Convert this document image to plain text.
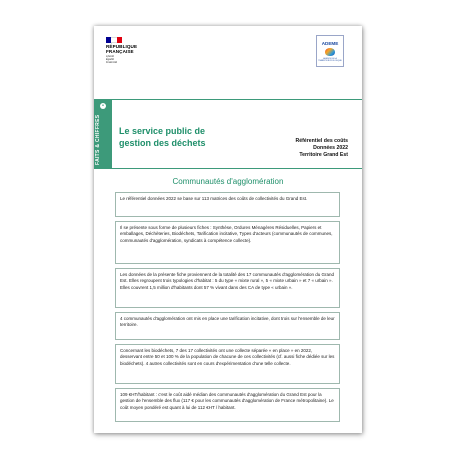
RÉPUBLIQUE
FRANÇAISE
Liberté
Égalité
Fraternité
ADEME
AGENCE DE LA TRANSITION ÉCOLOGIQUE
•
FAITS & CHIFFRES Le service public de gestion des déchets	Référentiel des coûts
Données 2022
Territoire Grand Est
Communautés d'agglomération
Le référentiel données 2022 se base sur 113 matrices des coûts de collectivités du Grand Est.
Il se présente sous forme de plusieurs fiches : Synthèse, Ordures Ménagères Résiduelles, Papiers et emballages, Déchèteries, Biodéchets, Tarification incitative, Types d'acteurs (communautés de communes, communautés d'agglomération, syndicats à compétence collecte).
Les données de la présente fiche proviennent de la totalité des 17 communautés d'agglomération du Grand Est. Elles regroupent trois typologies d'habitat : 5 du type « mixte rural », 5 « mixte urbain » et 7 « urbain ». Elles couvrent 1,5 million d'habitants dont 57 % vivant dans des CA de type « urbain ».
4 communautés d'agglomération ont mis en place une tarification incitative, dont trois sur l'ensemble de leur territoire.
Concernant les biodéchets, 7 des 17 collectivités ont une collecte séparée « en place » en 2022, desservant entre 50 et 100 % de la population de chacune de ces collectivités (cf. aussi fiche dédiée sur les biodéchets). 4 autres collectivités sont en cours d'expérimentation d'une telle collecte.
109 €HT/habitant : c'est le coût aidé médian des communautés d'agglomération du Grand Est pour la gestion de l'ensemble des flux (117 € pour les communautés d'agglomération de France métropolitaine). Le coût moyen pondéré est quant à lui de 112 €HT / habitant.
